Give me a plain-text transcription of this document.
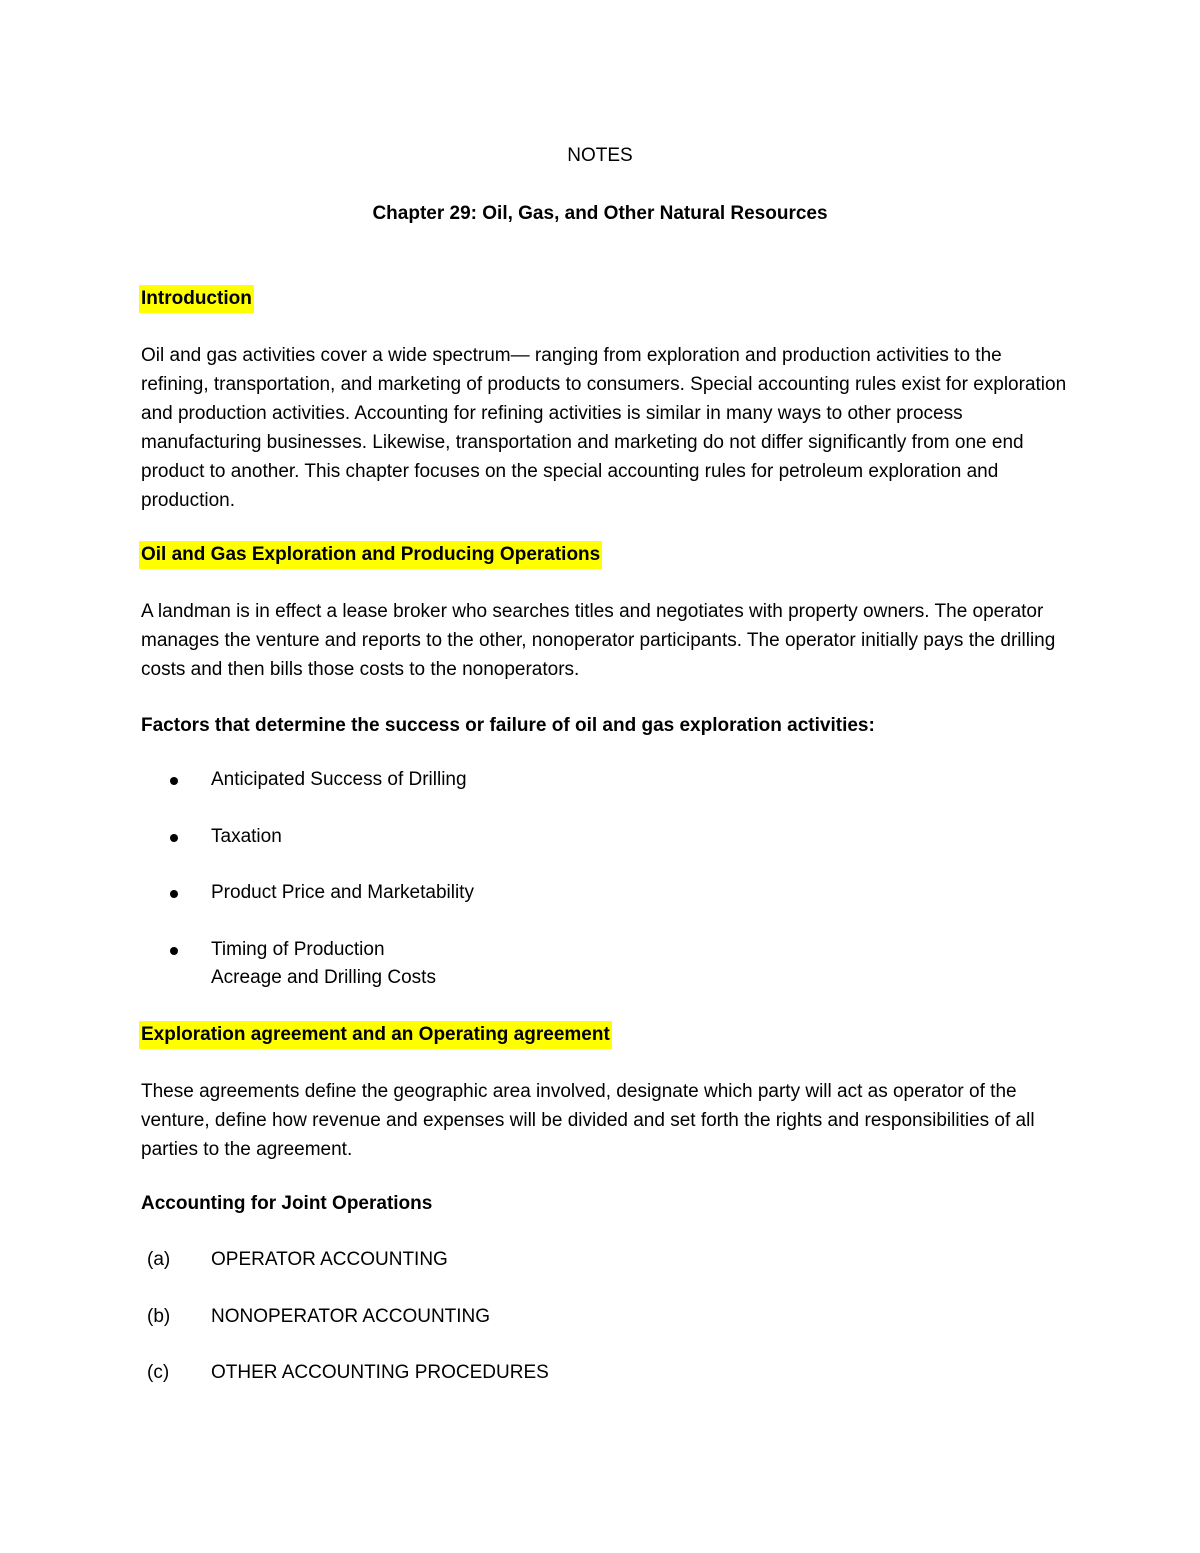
NOTES

Chapter 29: Oil, Gas, and Other Natural Resources

Introduction

Oil and gas activities cover a wide spectrum— ranging from exploration and production activities to the refining, transportation, and marketing of products to consumers. Special accounting rules exist for exploration and production activities. Accounting for refining activities is similar in many ways to other process manufacturing businesses. Likewise, transportation and marketing do not differ significantly from one end product to another. This chapter focuses on the special accounting rules for petroleum exploration and production.

Oil and Gas Exploration and Producing Operations

A landman is in effect a lease broker who searches titles and negotiates with property owners. The operator manages the venture and reports to the other, nonoperator participants. The operator initially pays the drilling costs and then bills those costs to the nonoperators.

Factors that determine the success or failure of oil and gas exploration activities:

Anticipated Success of Drilling
Taxation
Product Price and Marketability
Timing of Production
Acreage and Drilling Costs

Exploration agreement and an Operating agreement

These agreements define the geographic area involved, designate which party will act as operator of the venture, define how revenue and expenses will be divided and set forth the rights and responsibilities of all parties to the agreement.

Accounting for Joint Operations

(a) OPERATOR ACCOUNTING
(b) NONOPERATOR ACCOUNTING
(c) OTHER ACCOUNTING PROCEDURES
